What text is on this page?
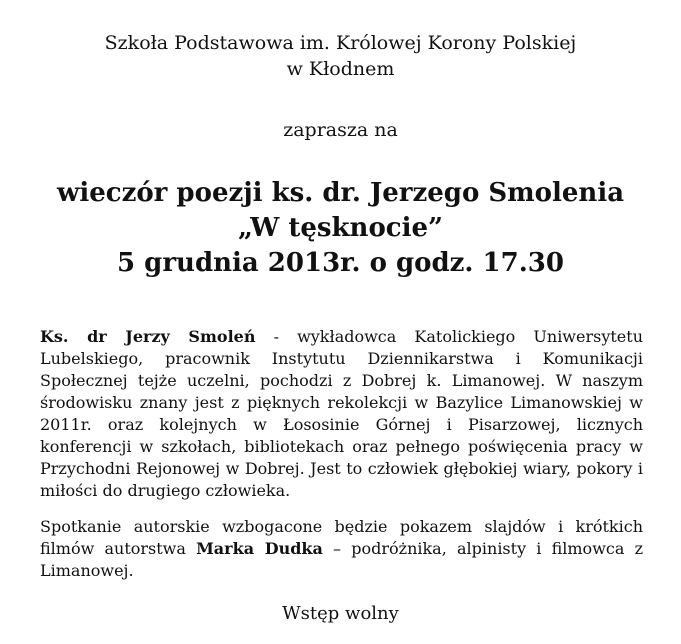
Szkoła Podstawowa im. Królowej Korony Polskiej
w Kłodnem
zaprasza na
wieczór poezji ks. dr. Jerzego Smolenia
„W tęsknocie”
5 grudnia 2013r. o godz. 17.30

Ks. dr Jerzy Smoleń - wykładowca Katolickiego Uniwersytetu Lubelskiego, pracownik Instytutu Dziennikarstwa i Komunikacji Społecznej tejże uczelni, pochodzi z Dobrej k. Limanowej. W naszym środowisku znany jest z pięknych rekolekcji w Bazylice Limanowskiej w 2011r. oraz kolejnych w Łososinie Górnej i Pisarzowej, licznych konferencji w szkołach, bibliotekach oraz pełnego poświęcenia pracy w Przychodni Rejonowej w Dobrej. Jest to człowiek głębokiej wiary, pokory i miłości do drugiego człowieka.

Spotkanie autorskie wzbogacone będzie pokazem slajdów i krótkich filmów autorstwa Marka Dudka – podróżnika, alpinisty i filmowca z Limanowej.

Wstęp wolny
